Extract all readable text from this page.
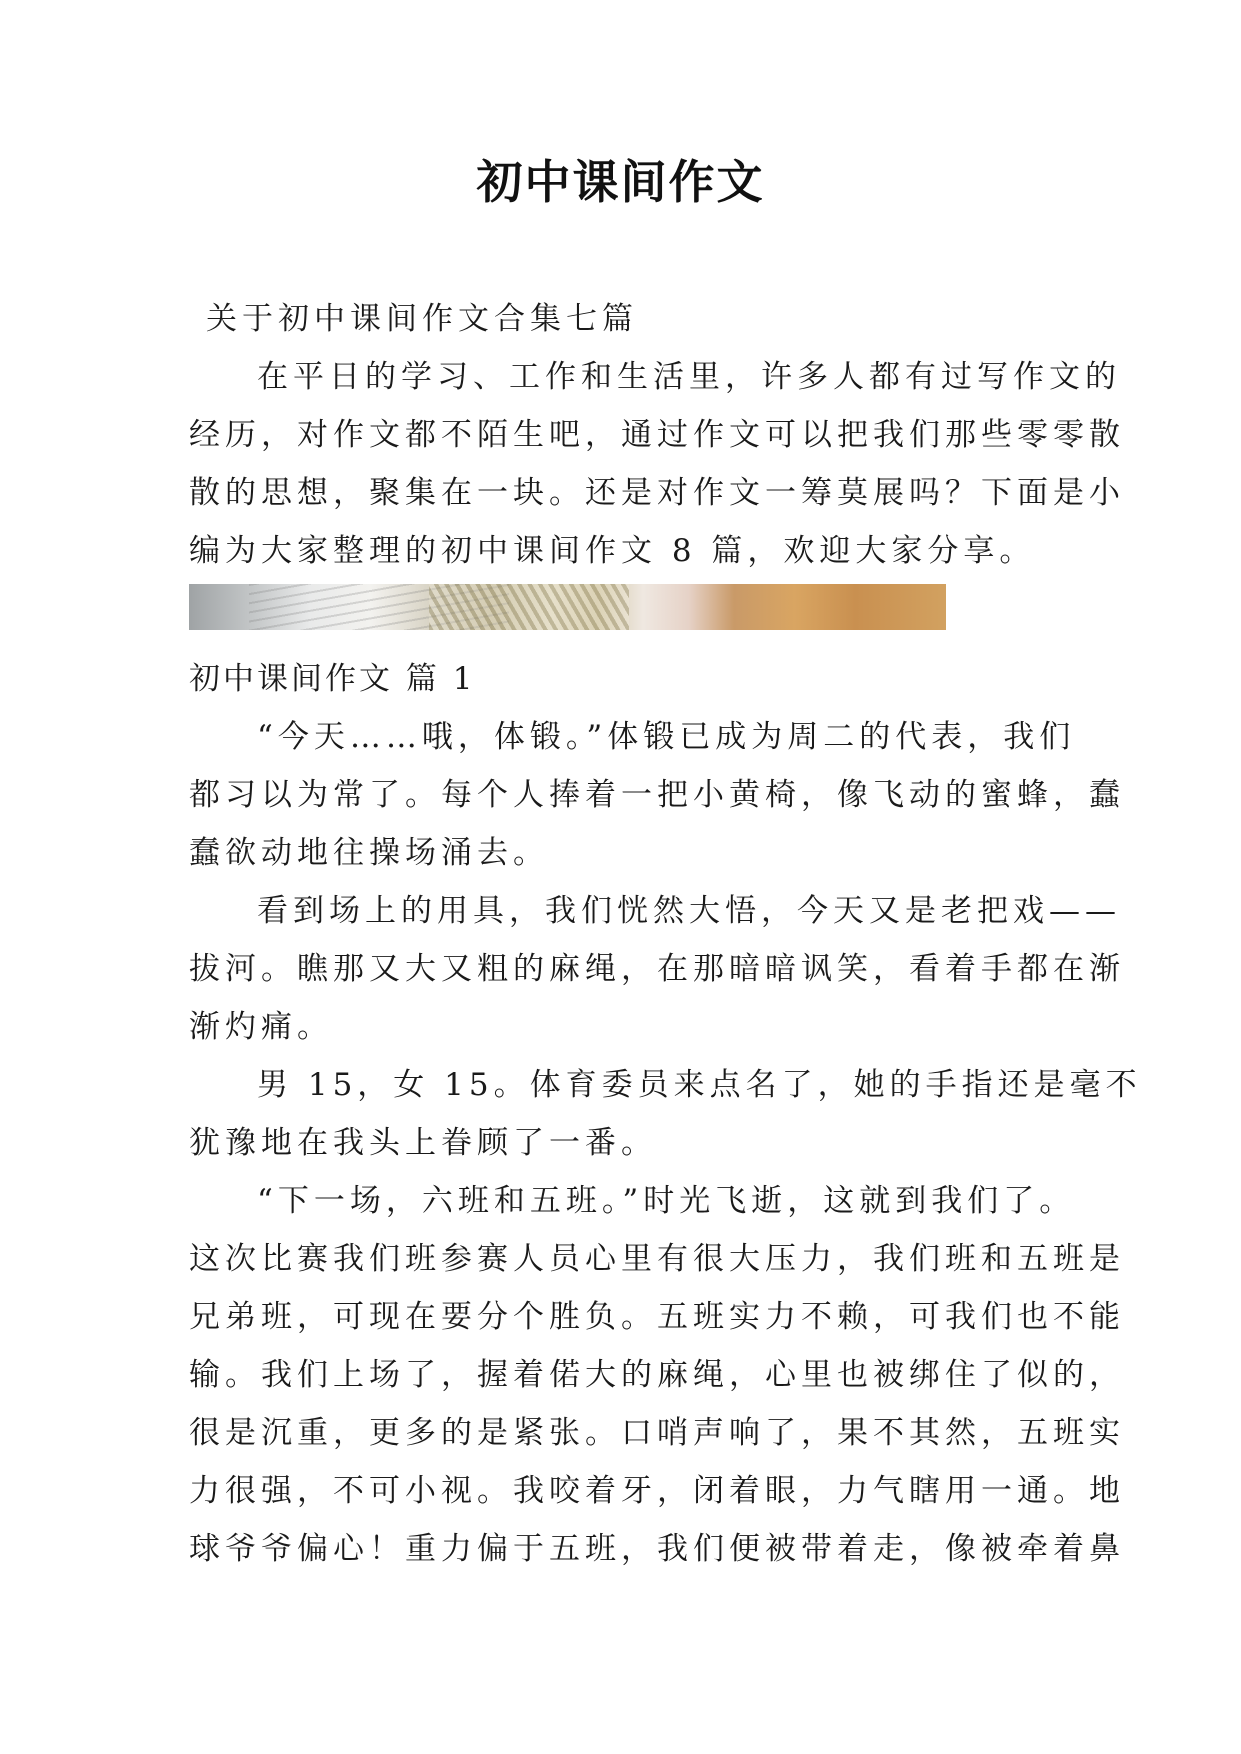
初中课间作文
关于初中课间作文合集七篇
在平日的学习、工作和生活里，许多人都有过写作文的
经历，对作文都不陌生吧，通过作文可以把我们那些零零散
散的思想，聚集在一块。还是对作文一筹莫展吗？下面是小
编为大家整理的初中课间作文 8 篇，欢迎大家分享。
初中课间作文 篇 1
“今天……哦，体锻。”体锻已成为周二的代表，我们
都习以为常了。每个人捧着一把小黄椅，像飞动的蜜蜂，蠢
蠢欲动地往操场涌去。
看到场上的用具，我们恍然大悟，今天又是老把戏——
拔河。瞧那又大又粗的麻绳，在那暗暗讽笑，看着手都在渐
渐灼痛。
男 15，女 15。体育委员来点名了，她的手指还是毫不
犹豫地在我头上眷顾了一番。
“下一场，六班和五班。”时光飞逝，这就到我们了。
这次比赛我们班参赛人员心里有很大压力，我们班和五班是
兄弟班，可现在要分个胜负。五班实力不赖，可我们也不能
输。我们上场了，握着偌大的麻绳，心里也被绑住了似的，
很是沉重，更多的是紧张。口哨声响了，果不其然，五班实
力很强，不可小视。我咬着牙，闭着眼，力气瞎用一通。地
球爷爷偏心！重力偏于五班，我们便被带着走，像被牵着鼻
